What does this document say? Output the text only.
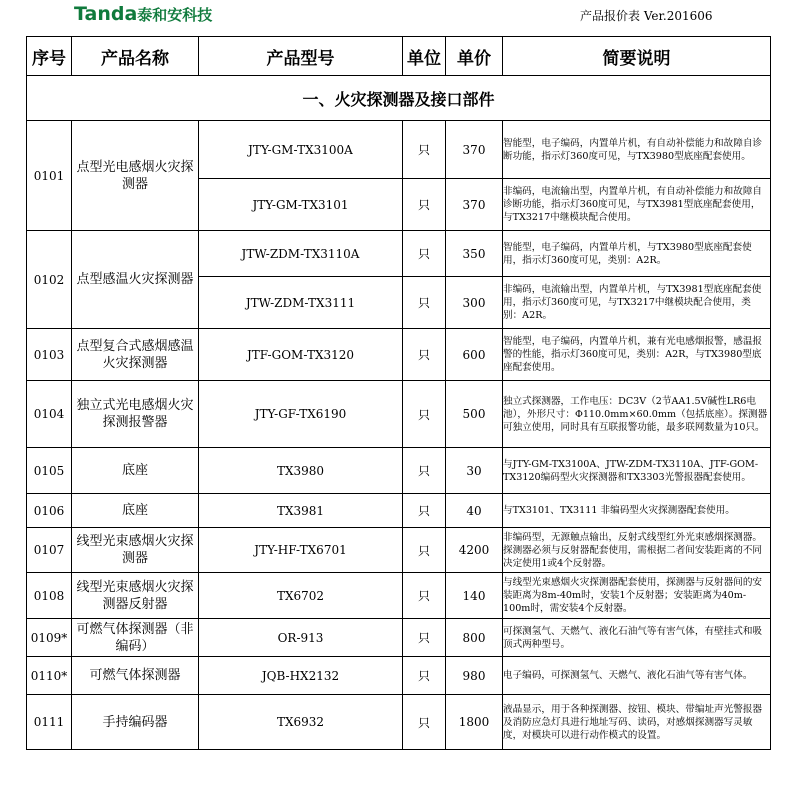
Tanda泰和安科技	产品报价表 Ver.201606
序号	产品名称	产品型号	单位	单价	简要说明
一、火灾探测器及接口部件					
0101	点型光电感烟火灾探测器	JTY-GM-TX3100A	只	370	智能型，电子编码，内置单片机，有自动补偿能力和故障自诊断功能，指示灯360度可见，与TX3980型底座配套使用。
		JTY-GM-TX3101	只	370	非编码，电流输出型，内置单片机，有自动补偿能力和故障自诊断功能，指示灯360度可见，与TX3981型底座配套使用，与TX3217中继模块配合使用。
0102	点型感温火灾探测器	JTW-ZDM-TX3110A	只	350	智能型，电子编码，内置单片机，与TX3980型底座配套使用，指示灯360度可见，类别：A2R。
		JTW-ZDM-TX3111	只	300	非编码，电流输出型，内置单片机，与TX3981型底座配套使用，指示灯360度可见，与TX3217中继模块配合使用，类别：A2R。
0103	点型复合式感烟感温火灾探测器	JTF-GOM-TX3120	只	600	智能型，电子编码，内置单片机，兼有光电感烟报警，感温报警的性能，指示灯360度可见，类别：A2R，与TX3980型底座配套使用。
0104	独立式光电感烟火灾探测报警器	JTY-GF-TX6190	只	500	独立式探测器，工作电压：DC3V（2节AA1.5V碱性LR6电池），外形尺寸：Φ110.0mm×60.0mm（包括底座）。探测器可独立使用，同时具有互联报警功能，最多联网数量为10只。
0105	底座	TX3980	只	30	与JTY-GM-TX3100A、JTW-ZDM-TX3110A、JTF-GOM-TX3120编码型火灾探测器和TX3303光警报器配套使用。
0106	底座	TX3981	只	40	与TX3101、TX3111 非编码型火灾探测器配套使用。
0107	线型光束感烟火灾探测器	JTY-HF-TX6701	只	4200	非编码型，无源触点输出，反射式线型红外光束感烟探测器。探测器必须与反射器配套使用，需根据二者间安装距离的不同决定使用1或4个反射器。
0108	线型光束感烟火灾探测器反射器	TX6702	只	140	与线型光束感烟火灾探测器配套使用，探测器与反射器间的安装距离为8m-40m时，安装1个反射器；安装距离为40m-100m时，需安装4个反射器。
0109*	可燃气体探测器（非编码）	OR-913	只	800	可探测氢气、天燃气、液化石油气等有害气体，有壁挂式和吸顶式两种型号。
0110*	可燃气体探测器	JQB-HX2132	只	980	电子编码，可探测氢气、天燃气、液化石油气等有害气体。
0111	手持编码器	TX6932	只	1800	液晶显示，用于各种探测器、按钮、模块、带编址声光警报器及消防应急灯具进行地址写码、读码，对感烟探测器写灵敏度，对模块可以进行动作模式的设置。
